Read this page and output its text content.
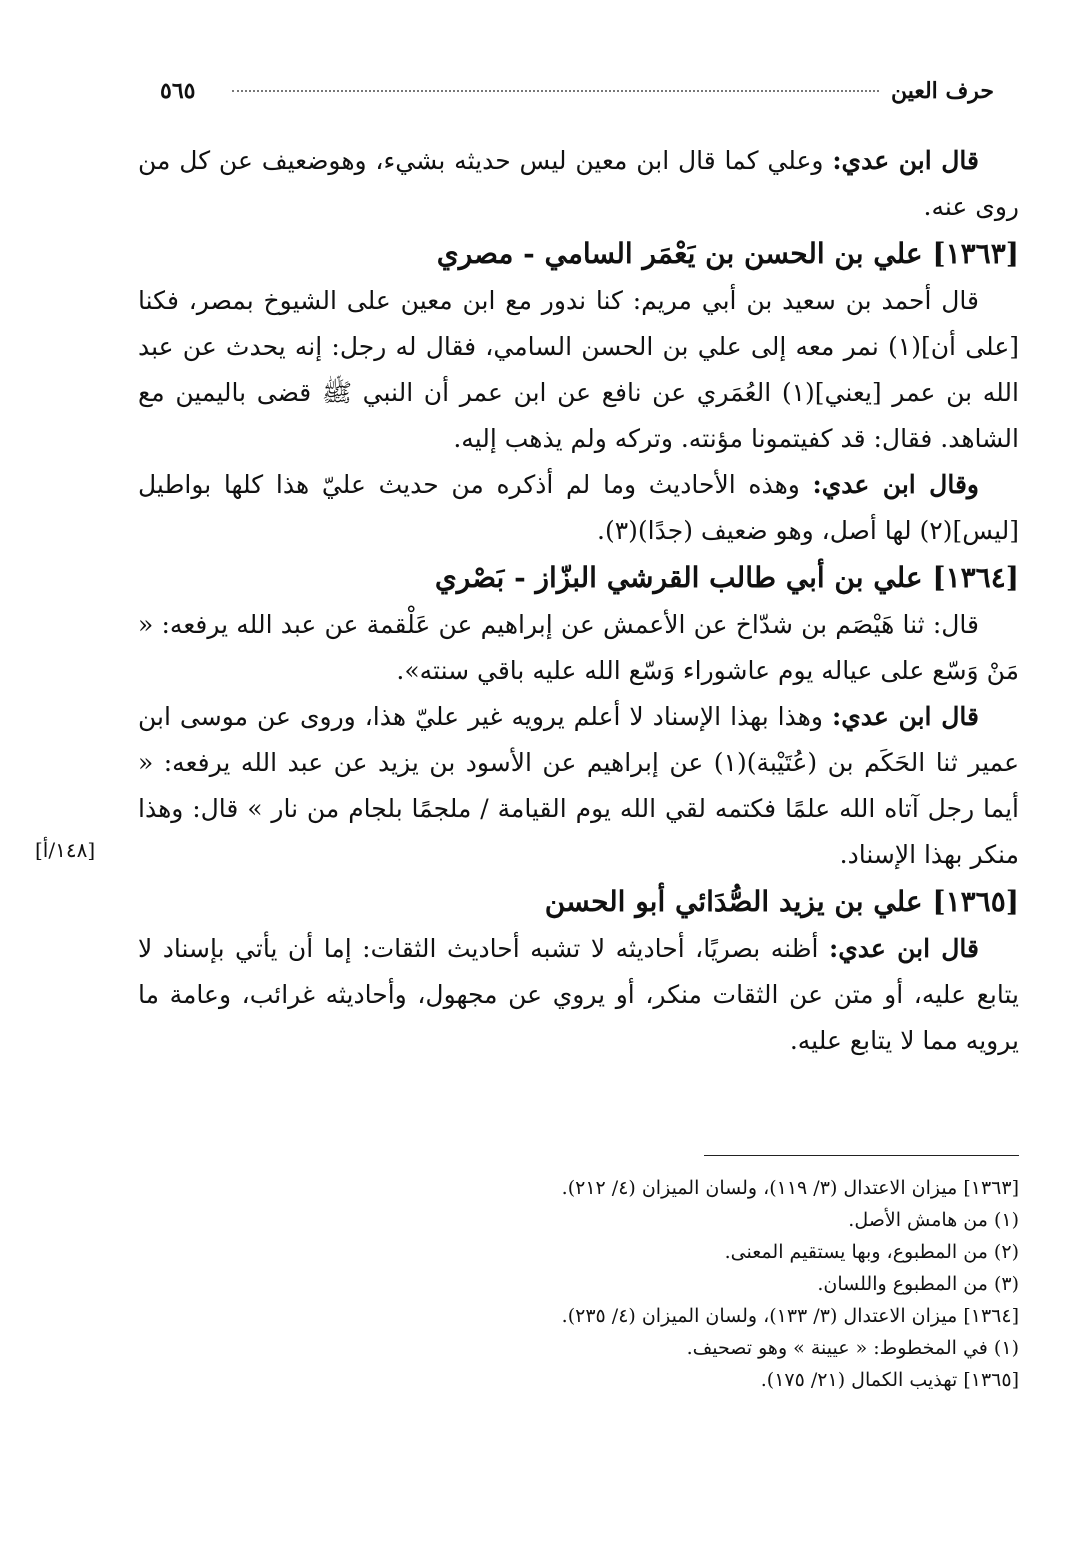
٥٦٥	حرف العين
[١٤٨/أ]

قال ابن عدي: وعلي كما قال ابن معين ليس حديثه بشيء، وهوضعيف عن كل من روى عنه.

[١٣٦٣] علي بن الحسن بن يَعْمَر السامي - مصري

قال أحمد بن سعيد بن أبي مريم: كنا ندور مع ابن معين على الشيوخ بمصر، فكنا [على أن](١) نمر معه إلى علي بن الحسن السامي، فقال له رجل: إنه يحدث عن عبد الله بن عمر [يعني](١) العُمَري عن نافع عن ابن عمر أن النبي ﷺ قضى باليمين مع الشاهد. فقال: قد كفيتمونا مؤنته. وتركه ولم يذهب إليه.

وقال ابن عدي: وهذه الأحاديث وما لم أذكره من حديث عليّ هذا كلها بواطيل [ليس](٢) لها أصل، وهو ضعيف (جدًا)(٣).

[١٣٦٤] علي بن أبي طالب القرشي البزّاز - بَصْري

قال: ثنا هَيْصَم بن شدّاخ عن الأعمش عن إبراهيم عن عَلْقمة عن عبد الله يرفعه: « مَنْ وَسّع على عياله يوم عاشوراء وَسّع الله عليه باقي سنته».

قال ابن عدي: وهذا بهذا الإسناد لا أعلم يرويه غير عليّ هذا، وروى عن موسى ابن عمير ثنا الحَكَم بن (عُتَيْبة)(١) عن إبراهيم عن الأسود بن يزيد عن عبد الله يرفعه: « أيما رجل آتاه الله علمًا فكتمه لقي الله يوم القيامة / ملجمًا بلجام من نار » قال: وهذا منكر بهذا الإسناد.

[١٣٦٥] علي بن يزيد الصُّدَائي أبو الحسن

قال ابن عدي: أظنه بصريًا، أحاديثه لا تشبه أحاديث الثقات: إما أن يأتي بإسناد لا يتابع عليه، أو متن عن الثقات منكر، أو يروي عن مجهول، وأحاديثه غرائب، وعامة ما يرويه مما لا يتابع عليه.

[١٣٦٣] ميزان الاعتدال (٣/ ١١٩)، ولسان الميزان (٤/ ٢١٢).

(١) من هامش الأصل.

(٢) من المطبوع، وبها يستقيم المعنى.

(٣) من المطبوع واللسان.

[١٣٦٤] ميزان الاعتدال (٣/ ١٣٣)، ولسان الميزان (٤/ ٢٣٥).

(١) في المخطوط: « عيينة » وهو تصحيف.

[١٣٦٥] تهذيب الكمال (٢١/ ١٧٥).
